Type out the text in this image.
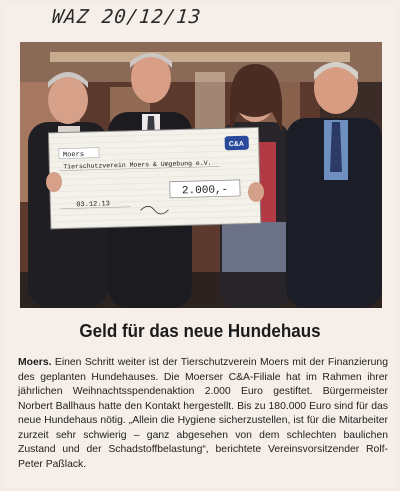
WAZ 20/12/13
Moers
Tierschutzverein Moers & Umgebung e.V.
03.12.13
2.000,-
C&A
Geld für das neue Hundehaus
Moers. Einen Schritt weiter ist der Tierschutzverein Moers mit der Finanzierung des geplanten Hundehauses. Die Moerser C&A-Filiale hat im Rahmen ihrer jährlichen Weihnachtsspendenaktion 2.000 Euro gestiftet. Bürgermeister Norbert Ballhaus hatte den Kontakt hergestellt. Bis zu 180.000 Euro sind für das neue Hundehaus nötig. „Allein die Hygiene sicherzustellen, ist für die Mitarbeiter zurzeit sehr schwierig – ganz abgesehen von dem schlechten baulichen Zustand und der Schadstoffbelastung“, berichtete Vereinsvorsitzender Rolf-Peter Paßlack.
